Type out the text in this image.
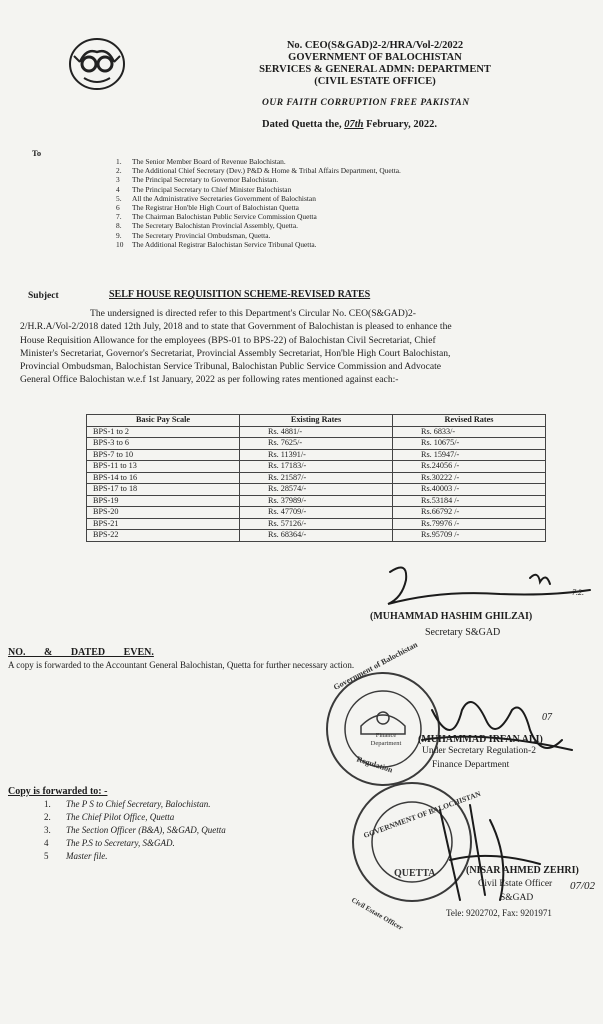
No. CEO(S&GAD)2-2/HRA/Vol-2/2022
GOVERNMENT OF BALOCHISTAN
SERVICES & GENERAL ADMN: DEPARTMENT
(CIVIL ESTATE OFFICE)
OUR FAITH CORRUPTION FREE PAKISTAN
Dated Quetta the, 07th February, 2022.
To
1.	The Senior Member Board of Revenue Balochistan.
2.	The Additional Chief Secretary (Dev.) P&D & Home & Tribal Affairs Department, Quetta.
3	The Principal Secretary to Governor Balochistan.
4	The Principal Secretary to Chief Minister Balochistan
5.	All the Administrative Secretaries Government of Balochistan
6	The Registrar Hon'ble High Court of Balochistan Quetta
7.	The Chairman Balochistan Public Service Commission Quetta
8.	The Secretary Balochistan Provincial Assembly, Quetta.
9.	The Secretary Provincial Ombudsman, Quetta.
10	The Additional Registrar Balochistan Service Tribunal Quetta.
Subject	SELF HOUSE REQUISITION SCHEME-REVISED RATES
The undersigned is directed refer to this Department's Circular No. CEO(S&GAD)2-
2/H.R.A/Vol-2/2018 dated 12th July, 2018 and to state that Government of Balochistan is pleased to enhance the
House Requisition Allowance for the employees (BPS-01 to BPS-22) of Balochistan Civil Secretariat, Chief
Minister's Secretariat, Governor's Secretariat, Provincial Assembly Secretariat, Hon'ble High Court Balochistan,
Provincial Ombudsman, Balochistan Service Tribunal, Balochistan Public Service Commission and Advocate
General Office Balochistan w.e.f 1st January, 2022 as per following rates mentioned against each:-
Basic Pay Scale	Existing Rates	Revised Rates
BPS-1 to 2	Rs. 4881/-	Rs. 6833/-
BPS-3 to 6	Rs. 7625/-	Rs. 10675/-
BPS-7 to 10	Rs. 11391/-	Rs. 15947/-
BPS-11 to 13	Rs. 17183/-	Rs.24056 /-
BPS-14 to 16	Rs. 21587/-	Rs.30222 /-
BPS-17 to 18	Rs. 28574/-	Rs.40003 /-
BPS-19	Rs. 37989/-	Rs.53184 /-
BPS-20	Rs. 47709/-	Rs.66792 /-
BPS-21	Rs. 57126/-	Rs.79976 /-
BPS-22	Rs. 68364/-	Rs.95709 /-
7.2.
(MUHAMMAD HASHIM GHILZAI)
Secretary S&GAD
NO. & DATED EVEN.
A copy is forwarded to the Accountant General Balochistan, Quetta for further necessary action.
Government of Balochistan
Finance Department
Regulation
07
(MUHAMMAD IRFAN ALI)
Under Secretary Regulation-2
Finance Department
Copy is forwarded to: -
1.	The P S to Chief Secretary, Balochistan.
2.	The Chief Pilot Office, Quetta
3.	The Section Officer (B&A), S&GAD, Quetta
4	The P.S to Secretary, S&GAD.
5	Master file.
GOVERNMENT OF BALOCHISTAN
QUETTA
Civil Estate Officer
(NISAR AHMED ZEHRI)
Civil Estate Officer
S&GAD
Tele: 9202702, Fax: 9201971
07/02
